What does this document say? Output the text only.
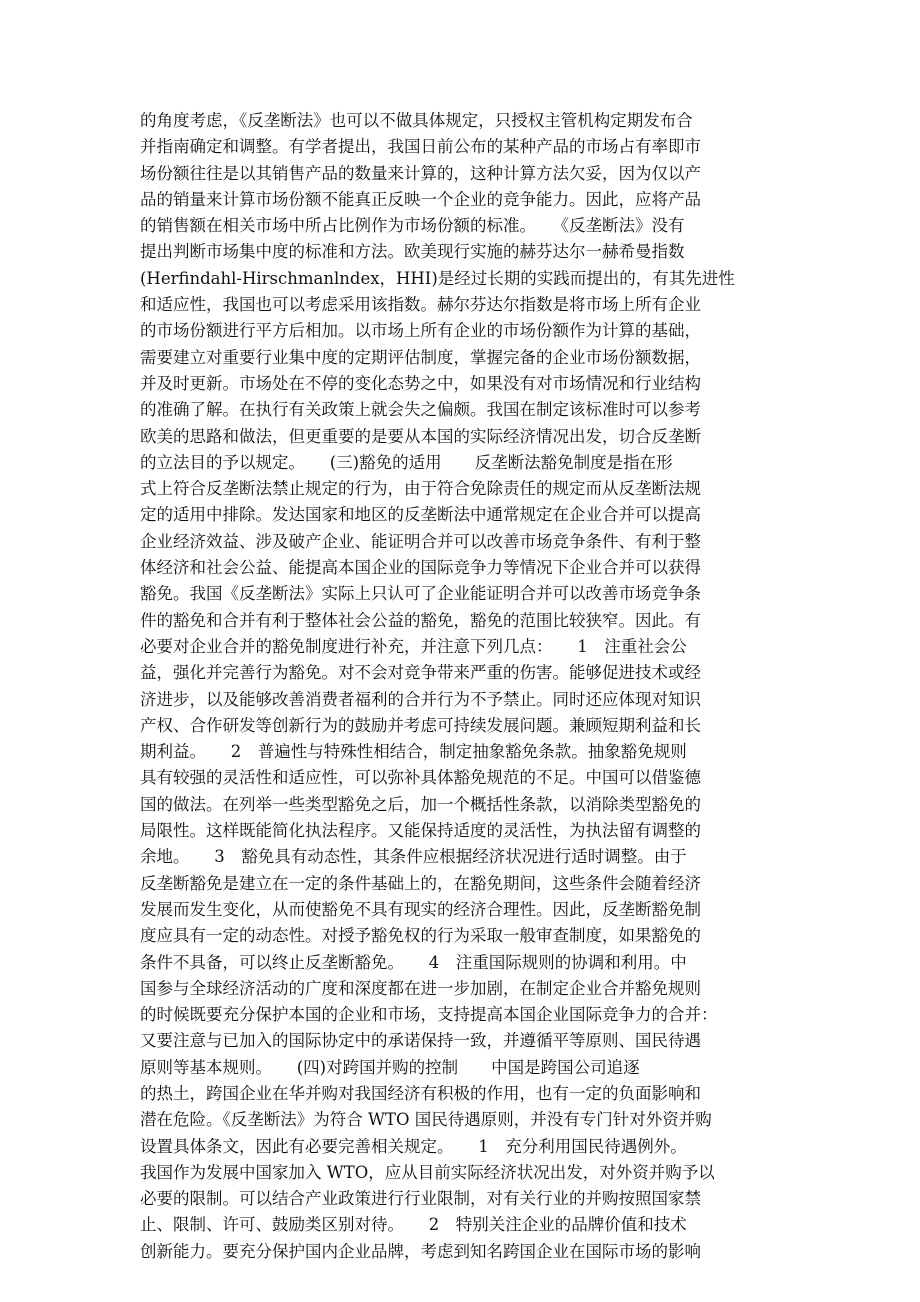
的角度考虑，《反垄断法》也可以不做具体规定，只授权主管机构定期发布合
并指南确定和调整。有学者提出，我国日前公布的某种产品的市场占有率即市
场份额往往是以其销售产品的数量来计算的，这种计算方法欠妥，因为仅以产
品的销量来计算市场份额不能真正反映一个企业的竞争能力。因此，应将产品
的销售额在相关市场中所占比例作为市场份额的标准。　　《反垄断法》没有
提出判断市场集中度的标准和方法。欧美现行实施的赫芬达尔一赫希曼指数
(Herfindahl-Hirschmanlndex，HHI)是经过长期的实践而提出的，有其先进性
和适应性，我国也可以考虑采用该指数。赫尔芬达尔指数是将市场上所有企业
的市场份额进行平方后相加。以市场上所有企业的市场份额作为计算的基础，
需要建立对重要行业集中度的定期评估制度，掌握完备的企业市场份额数据，
并及时更新。市场处在不停的变化态势之中，如果没有对市场情况和行业结构
的准确了解。在执行有关政策上就会失之偏颇。我国在制定该标准时可以参考
欧美的思路和做法，但更重要的是要从本国的实际经济情况出发，切合反垄断
的立法目的予以规定。　　(三)豁免的适用　　反垄断法豁免制度是指在形
式上符合反垄断法禁止规定的行为，由于符合免除责任的规定而从反垄断法规
定的适用中排除。发达国家和地区的反垄断法中通常规定在企业合并可以提高
企业经济效益、涉及破产企业、能证明合并可以改善市场竞争条件、有利于整
体经济和社会公益、能提高本国企业的国际竞争力等情况下企业合并可以获得
豁免。我国《反垄断法》实际上只认可了企业能证明合并可以改善市场竞争条
件的豁免和合并有利于整体社会公益的豁免，豁免的范围比较狭窄。因此。有
必要对企业合并的豁免制度进行补充，并注意下列几点：　　1　注重社会公
益，强化并完善行为豁免。对不会对竞争带来严重的伤害。能够促进技术或经
济进步，以及能够改善消费者福利的合并行为不予禁止。同时还应体现对知识
产权、合作研发等创新行为的鼓励并考虑可持续发展问题。兼顾短期利益和长
期利益。　　2　普遍性与特殊性相结合，制定抽象豁免条款。抽象豁免规则
具有较强的灵活性和适应性，可以弥补具体豁免规范的不足。中国可以借鉴德
国的做法。在列举一些类型豁免之后，加一个概括性条款，以消除类型豁免的
局限性。这样既能简化执法程序。又能保持适度的灵活性，为执法留有调整的
余地。　　3　豁免具有动态性，其条件应根据经济状况进行适时调整。由于
反垄断豁免是建立在一定的条件基础上的，在豁免期间，这些条件会随着经济
发展而发生变化，从而使豁免不具有现实的经济合理性。因此，反垄断豁免制
度应具有一定的动态性。对授予豁免权的行为采取一般审查制度，如果豁免的
条件不具备，可以终止反垄断豁免。　　4　注重国际规则的协调和利用。中
国参与全球经济活动的广度和深度都在进一步加剧，在制定企业合并豁免规则
的时候既要充分保护本国的企业和市场，支持提高本国企业国际竞争力的合并：
又要注意与已加入的国际协定中的承诺保持一致，并遵循平等原则、国民待遇
原则等基本规则。　　(四)对跨国并购的控制　　中国是跨国公司追逐
的热土，跨国企业在华并购对我国经济有积极的作用，也有一定的负面影响和
潜在危险。《反垄断法》为符合 WTO 国民待遇原则，并没有专门针对外资并购
设置具体条文，因此有必要完善相关规定。　　1　充分利用国民待遇例外。
我国作为发展中国家加入 WTO，应从目前实际经济状况出发，对外资并购予以
必要的限制。可以结合产业政策进行行业限制，对有关行业的并购按照国家禁
止、限制、许可、鼓励类区别对待。　　2　特别关注企业的品牌价值和技术
创新能力。要充分保护国内企业品牌，考虑到知名跨国企业在国际市场的影响
